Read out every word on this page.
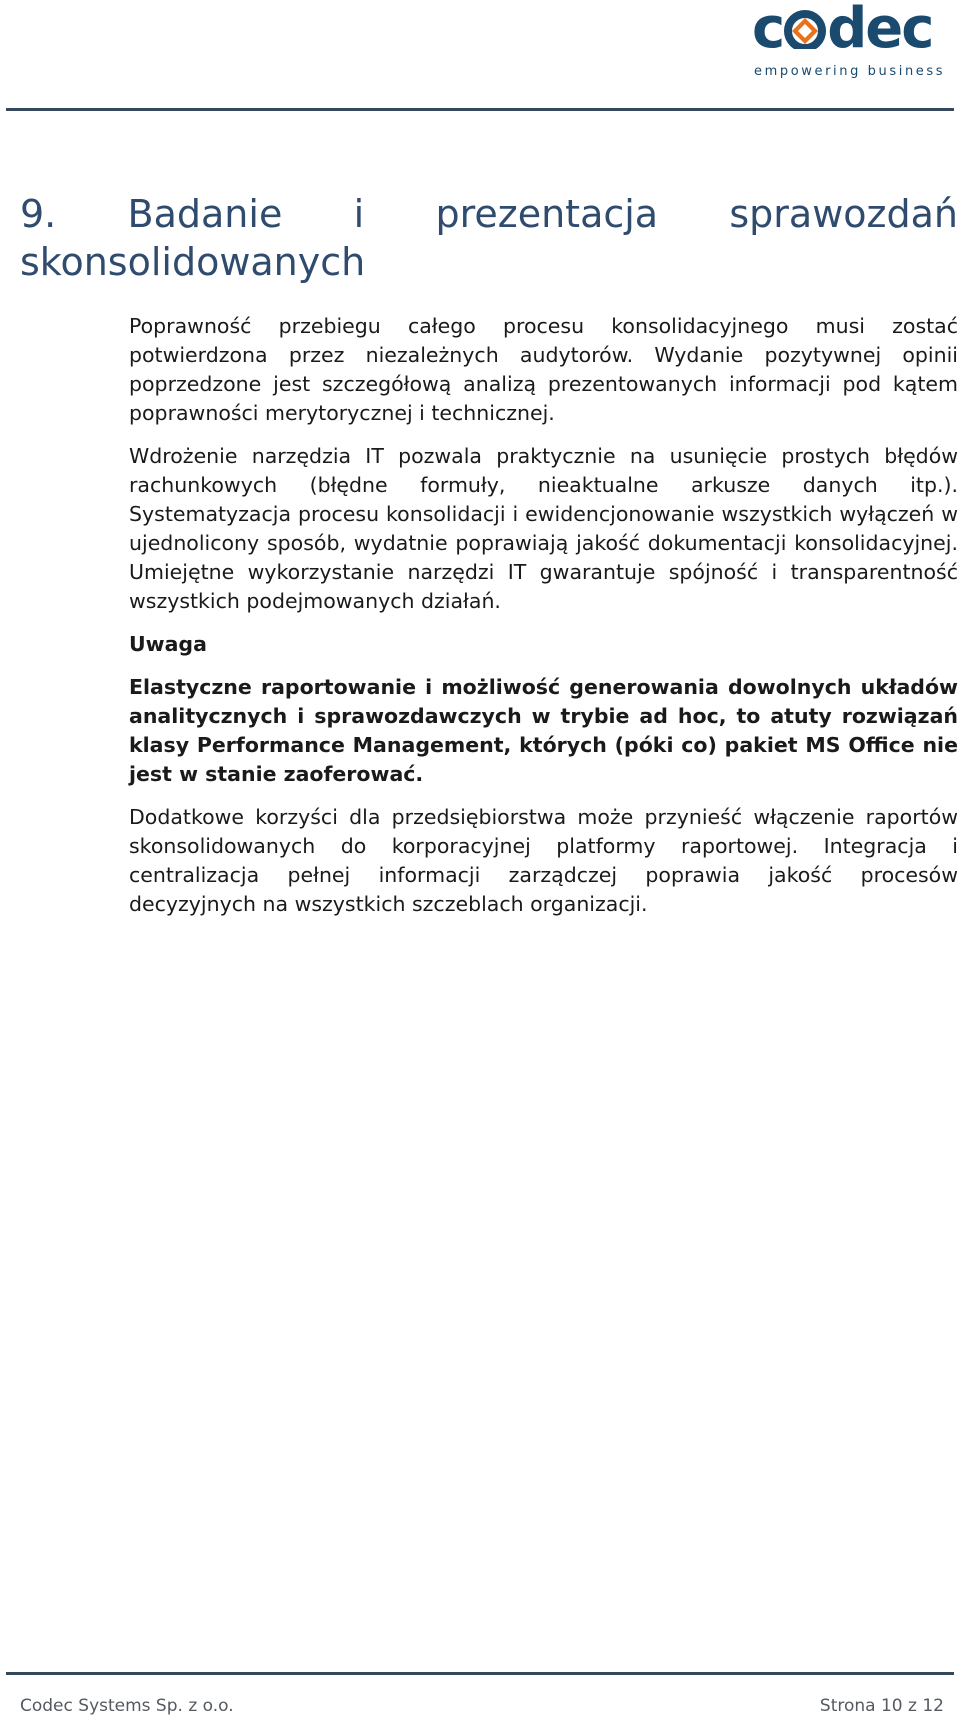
c dec
empowering business
9. Badanie i prezentacja sprawozdań
skonsolidowanych

Poprawność przebiegu całego procesu konsolidacyjnego musi zostać potwierdzona przez niezależnych audytorów. Wydanie pozytywnej opinii poprzedzone jest szczegółową analizą prezentowanych informacji pod kątem poprawności merytorycznej i technicznej.

Wdrożenie narzędzia IT pozwala praktycznie na usunięcie prostych błędów rachunkowych (błędne formuły, nieaktualne arkusze danych itp.). Systematyzacja procesu konsolidacji i ewidencjonowanie wszystkich wyłączeń w ujednolicony sposób, wydatnie poprawiają jakość dokumentacji konsolidacyjnej. Umiejętne wykorzystanie narzędzi IT gwarantuje spójność i transparentność wszystkich podejmowanych działań.

Uwaga

Elastyczne raportowanie i możliwość generowania dowolnych układów analitycznych i sprawozdawczych w trybie ad hoc, to atuty rozwiązań klasy Performance Management, których (póki co) pakiet MS Office nie jest w stanie zaoferować.

Dodatkowe korzyści dla przedsiębiorstwa może przynieść włączenie raportów skonsolidowanych do korporacyjnej platformy raportowej. Integracja i centralizacja pełnej informacji zarządczej poprawia jakość procesów decyzyjnych na wszystkich szczeblach organizacji.

Codec Systems Sp. z o.o.	Strona 10 z 12
